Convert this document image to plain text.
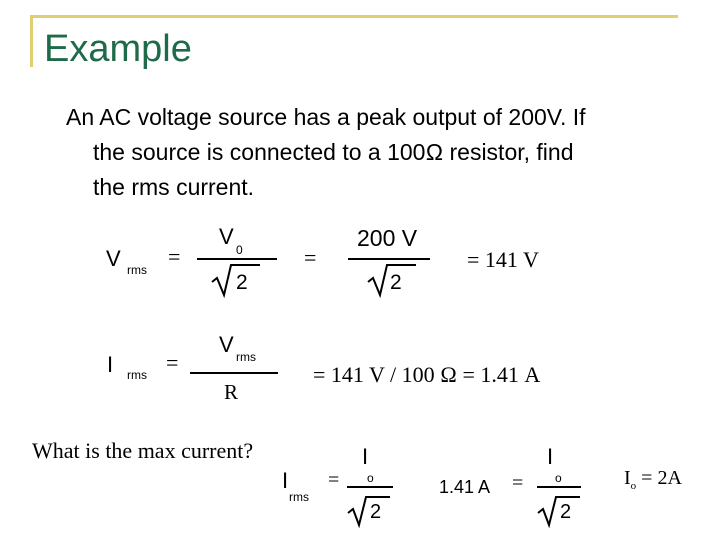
Example
An AC voltage source has a peak output of 200V. If
the source is connected to a 100Ω resistor, find
the rms current.
V rms
=
V
0
2
=
200 V
2
= 141 V
I rms =
V rms
R
= 141 V / 100 Ω = 1.41 A
What is the max current?
I
rms
=
I
o
2
1.41 A =
I
o
2
$I_o = 2A$
